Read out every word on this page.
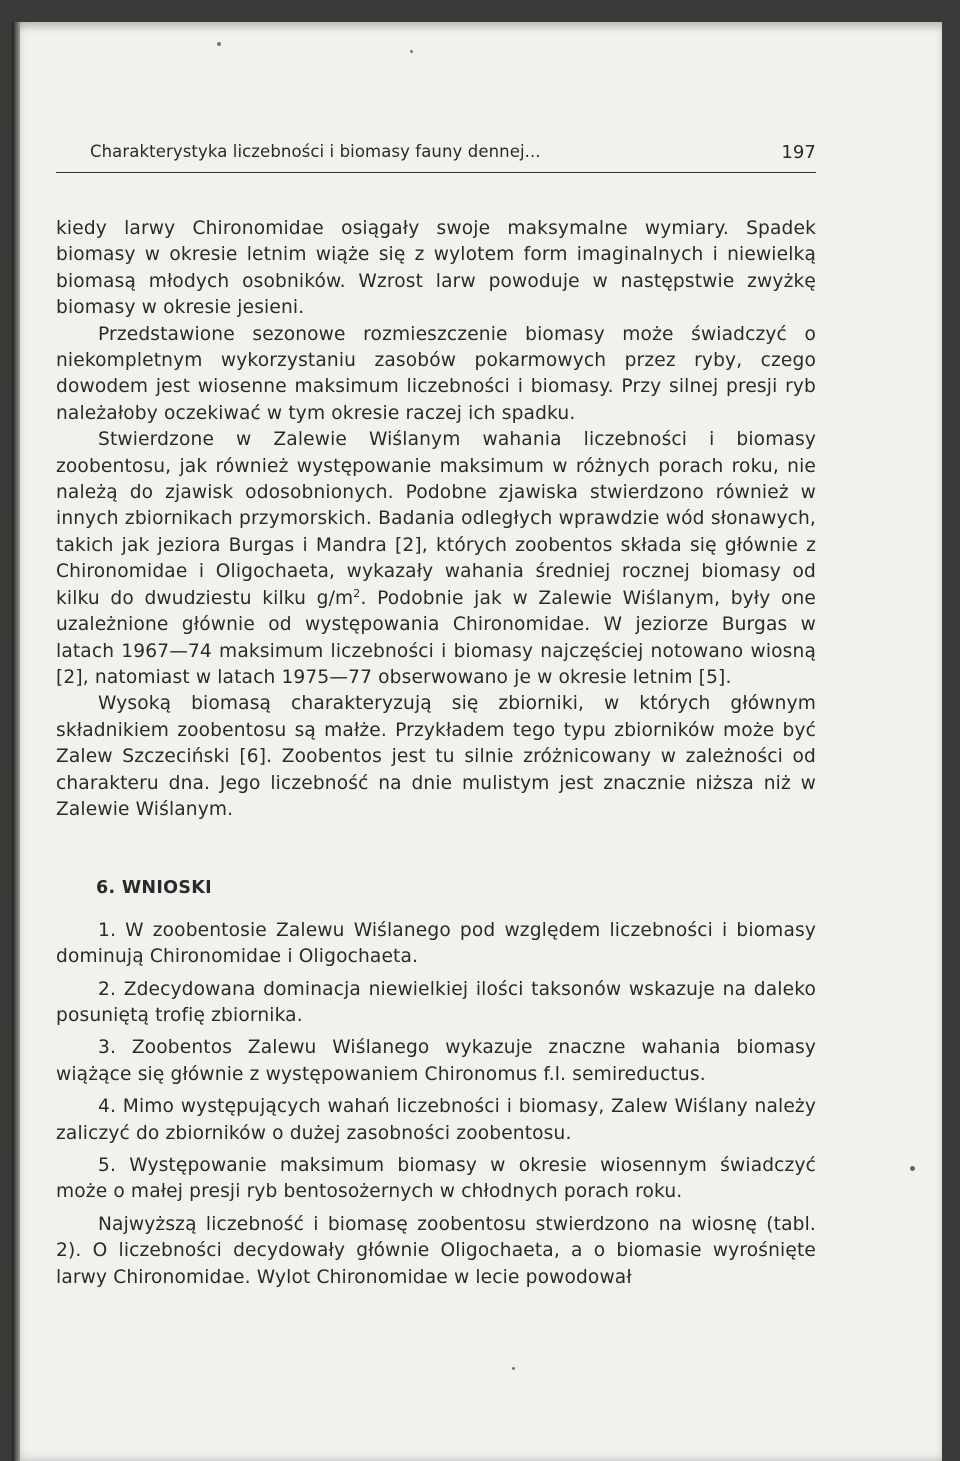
Charakterystyka liczebności i biomasy fauny dennej...	197

kiedy larwy Chironomidae osiągały swoje maksymalne wymiary. Spadek biomasy w okresie letnim wiąże się z wylotem form imaginalnych i niewielką biomasą młodych osobników. Wzrost larw powoduje w następstwie zwyżkę biomasy w okresie jesieni.

Przedstawione sezonowe rozmieszczenie biomasy może świadczyć o niekompletnym wykorzystaniu zasobów pokarmowych przez ryby, czego dowodem jest wiosenne maksimum liczebności i biomasy. Przy silnej presji ryb należałoby oczekiwać w tym okresie raczej ich spadku.

Stwierdzone w Zalewie Wiślanym wahania liczebności i biomasy zoobentosu, jak również występowanie maksimum w różnych porach roku, nie należą do zjawisk odosobnionych. Podobne zjawiska stwierdzono również w innych zbiornikach przymorskich. Badania odległych wprawdzie wód słonawych, takich jak jeziora Burgas i Mandra [2], których zoobentos składa się głównie z Chironomidae i Oligochaeta, wykazały wahania średniej rocznej biomasy od kilku do dwudziestu kilku $g/m^2$. Podobnie jak w Zalewie Wiślanym, były one uzależnione głównie od występowania Chironomidae. W jeziorze Burgas w latach 1967—74 maksimum liczebności i biomasy najczęściej notowano wiosną [2], natomiast w latach 1975—77 obserwowano je w okresie letnim [5].

Wysoką biomasą charakteryzują się zbiorniki, w których głównym składnikiem zoobentosu są małże. Przykładem tego typu zbiorników może być Zalew Szczeciński [6]. Zoobentos jest tu silnie zróżnicowany w zależności od charakteru dna. Jego liczebność na dnie mulistym jest znacznie niższa niż w Zalewie Wiślanym.

6. WNIOSKI

1. W zoobentosie Zalewu Wiślanego pod względem liczebności i biomasy dominują Chironomidae i Oligochaeta.

2. Zdecydowana dominacja niewielkiej ilości taksonów wskazuje na daleko posuniętą trofię zbiornika.

3. Zoobentos Zalewu Wiślanego wykazuje znaczne wahania biomasy wiążące się głównie z występowaniem Chironomus f.l. semireductus.

4. Mimo występujących wahań liczebności i biomasy, Zalew Wiślany należy zaliczyć do zbiorników o dużej zasobności zoobentosu.

5. Występowanie maksimum biomasy w okresie wiosennym świadczyć może o małej presji ryb bentosożernych w chłodnych porach roku.

Najwyższą liczebność i biomasę zoobentosu stwierdzono na wiosnę (tabl. 2). O liczebności decydowały głównie Oligochaeta, a o biomasie wyrośnięte larwy Chironomidae. Wylot Chironomidae w lecie powodował
